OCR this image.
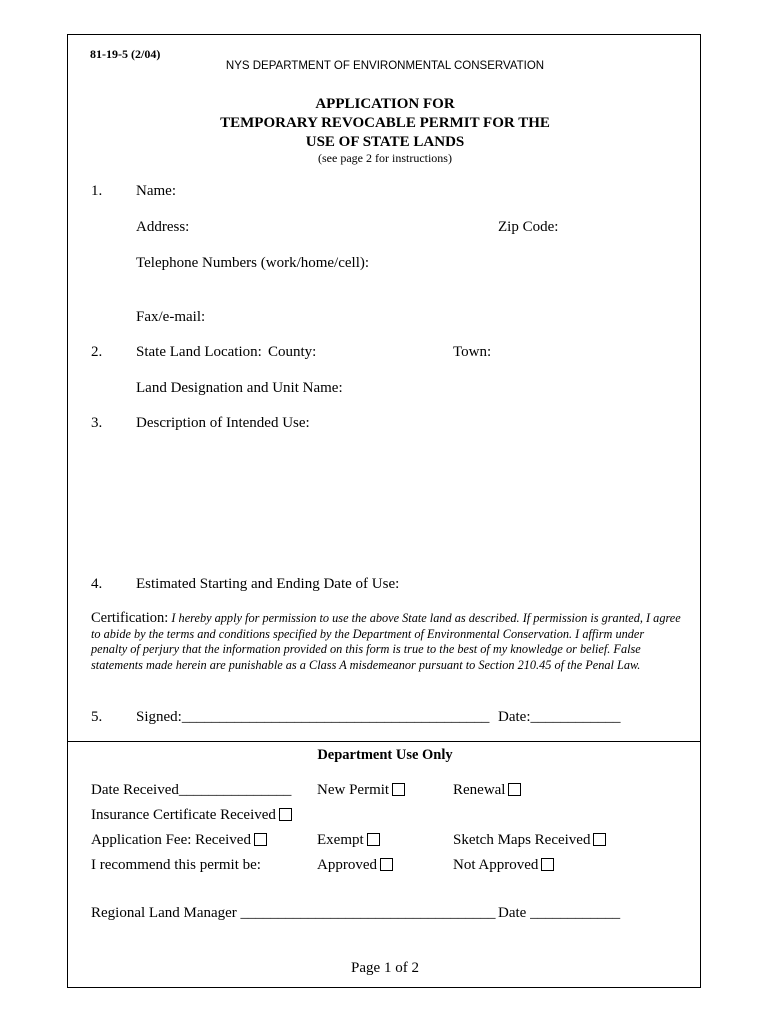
81-19-5 (2/04)
NYS DEPARTMENT OF ENVIRONMENTAL CONSERVATION
APPLICATION FOR
TEMPORARY REVOCABLE PERMIT FOR THE
USE OF STATE LANDS
(see page 2 for instructions)
1. Name:
Address:	Zip Code:
Telephone Numbers (work/home/cell):
Fax/e-mail:
2. State Land Location: County:	Town:
Land Designation and Unit Name:
3. Description of Intended Use:
4. Estimated Starting and Ending Date of Use:
Certification: I hereby apply for permission to use the above State land as described. If permission is granted, I agree to abide by the terms and conditions specified by the Department of Environmental Conservation. I affirm under penalty of perjury that the information provided on this form is true to the best of my knowledge or belief. False statements made herein are punishable as a Class A misdemeanor pursuant to Section 210.45 of the Penal Law.
5. Signed:_________________________________________ Date:____________
Department Use Only
Date Received_______________ New Permit	Renewal
Insurance Certificate Received
Application Fee: Received	Exempt	Sketch Maps Received
I recommend this permit be:	Approved	Not Approved
Regional Land Manager __________________________________ Date ____________
Page 1 of 2
